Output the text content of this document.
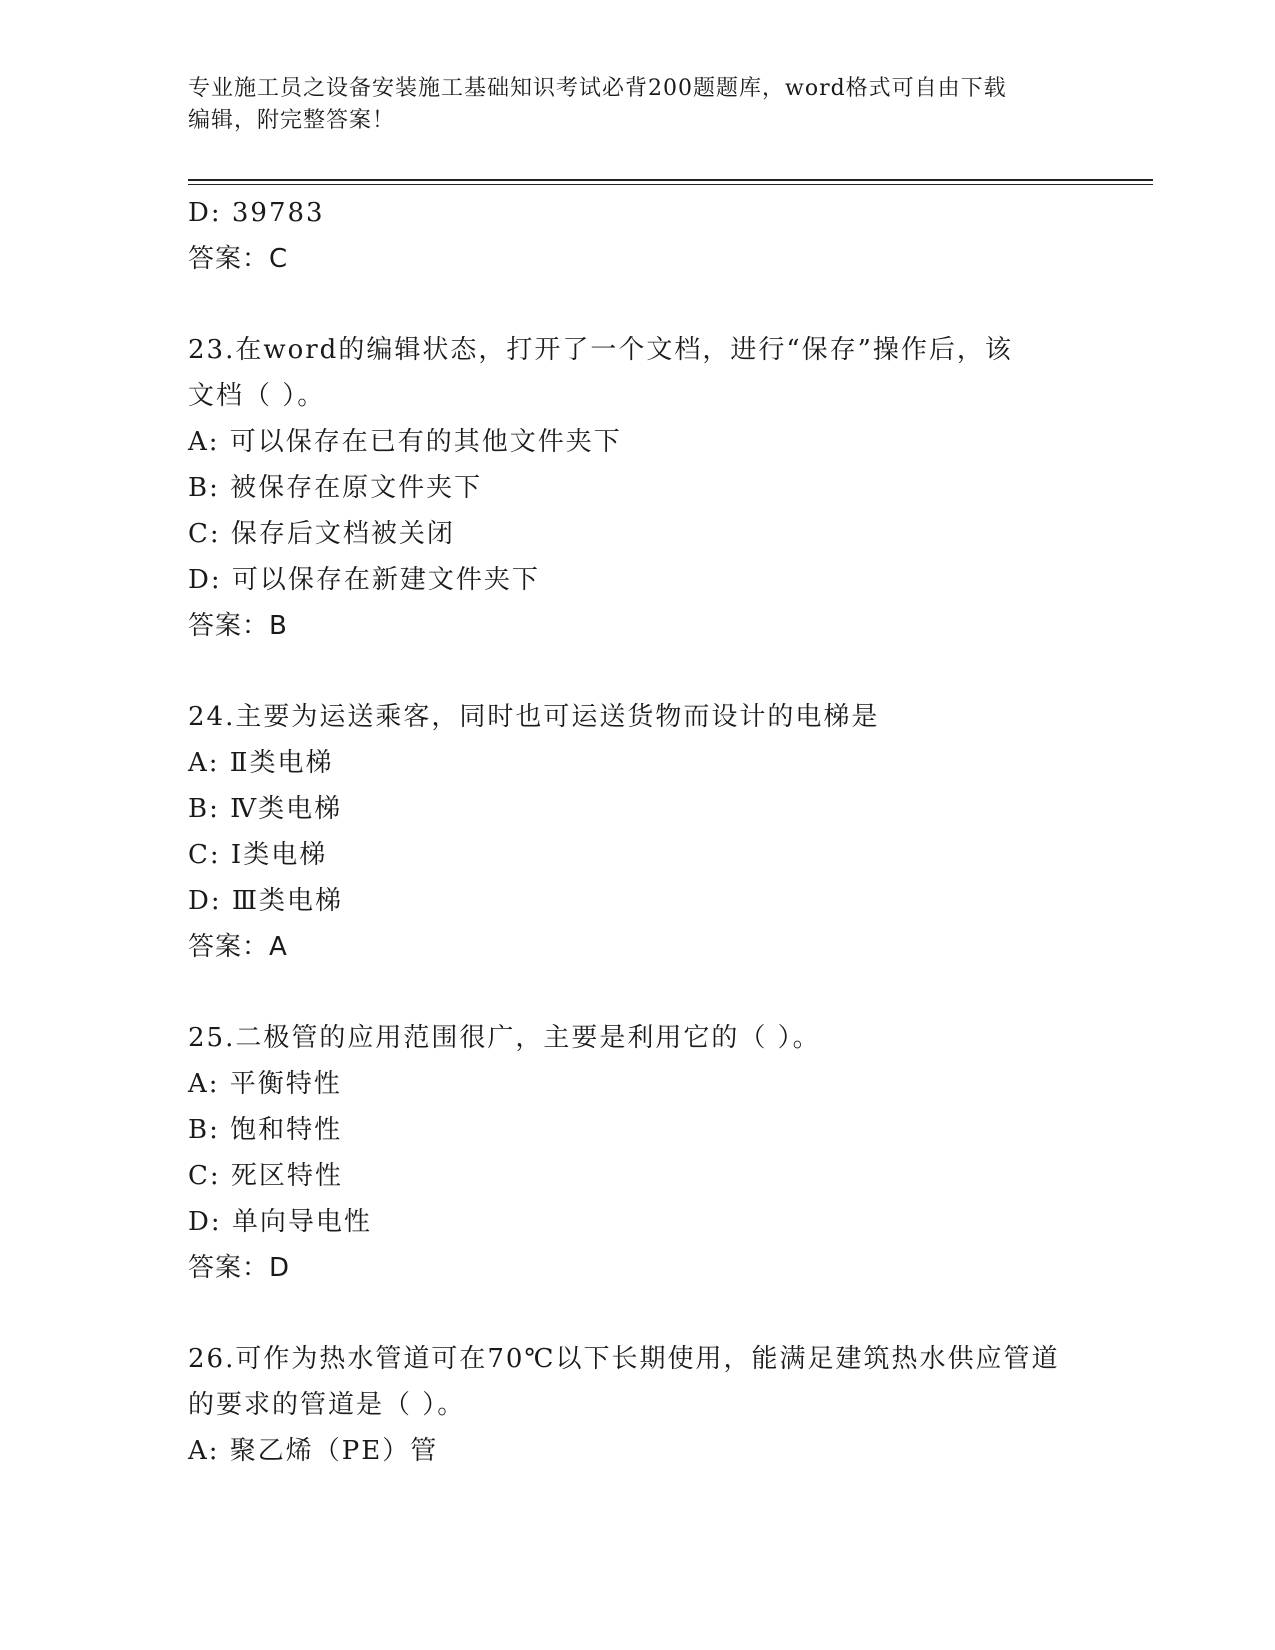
专业施工员之设备安装施工基础知识考试必背200题题库，word格式可自由下载
编辑，附完整答案！
D: 39783
答案：C
23.在word的编辑状态，打开了一个文档，进行“保存”操作后，该
文档（ ）。
A: 可以保存在已有的其他文件夹下
B: 被保存在原文件夹下
C: 保存后文档被关闭
D: 可以保存在新建文件夹下
答案：B
24.主要为运送乘客，同时也可运送货物而设计的电梯是
A: Ⅱ类电梯
B: Ⅳ类电梯
C: Ⅰ类电梯
D: Ⅲ类电梯
答案：A
25.二极管的应用范围很广，主要是利用它的（ ）。
A: 平衡特性
B: 饱和特性
C: 死区特性
D: 单向导电性
答案：D
26.可作为热水管道可在70℃以下长期使用，能满足建筑热水供应管道
的要求的管道是（ ）。
A: 聚乙烯（PE）管
